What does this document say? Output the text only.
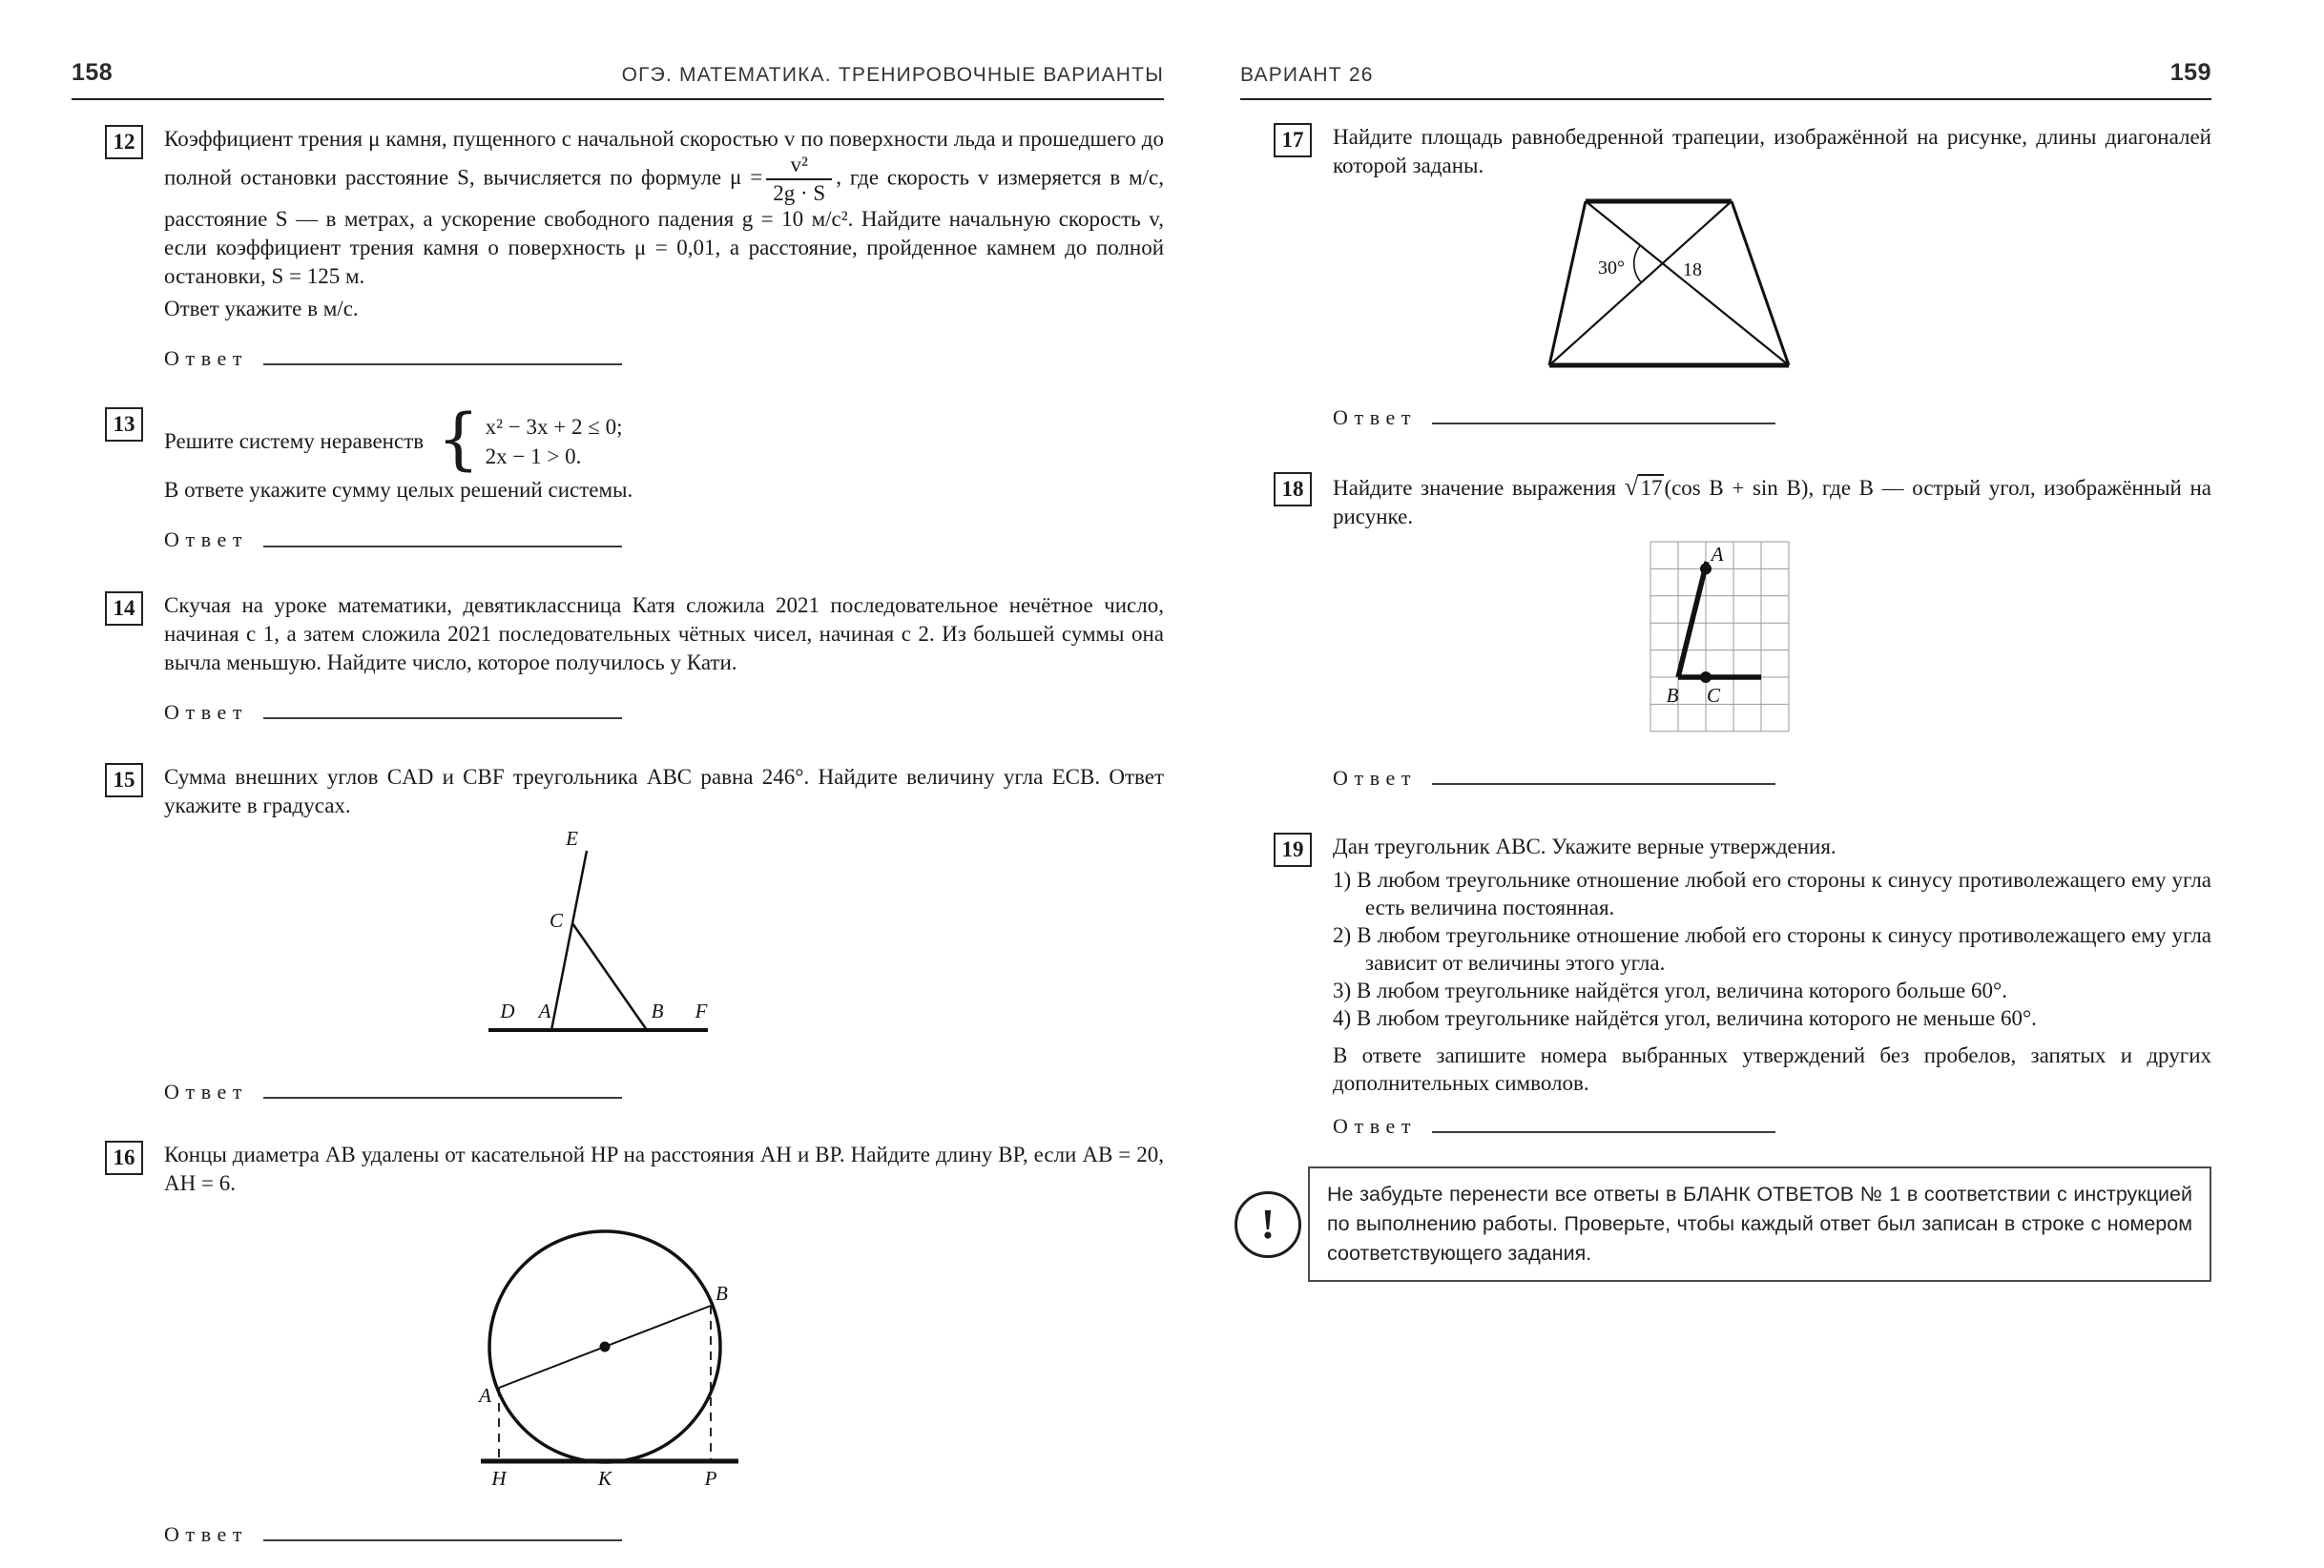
158	ОГЭ. МАТЕМАТИКА. ТРЕНИРОВОЧНЫЕ ВАРИАНТЫ
12	Коэффициент трения μ камня, пущенного с начальной скоростью v по поверхности льда и прошедшего до полной остановки расстояние S, вычисляется по формуле $\mu = \frac{\text{v²}}{2g \cdot S}$ , где скорость v измеряется в м/с, расстояние S — в метрах, а ускорение свободного падения g = 10 м/с². Найдите начальную скорость v, если коэффициент трения камня о поверхность μ = 0,01, а расстояние, пройденное камнем до полной остановки, S = 125 м.

Ответ укажите в м/с.

Ответ
13
Решите систему неравенств { x² − 3x + 2 ≤ 0;
2x − 1 > 0.

В ответе укажите сумму целых решений системы.

Ответ
14	Скучая на уроке математики, девятиклассница Катя сложила 2021 последовательное нечётное число, начиная с 1, а затем сложила 2021 последовательных чётных чисел, начиная с 2. Из большей суммы она вычла меньшую. Найдите число, которое получилось у Кати.

Ответ
15	Сумма внешних углов CAD и CBF треугольника ABC равна 246°. Найдите величину угла ECB. Ответ укажите в градусах.

E
C
D A	B F
Ответ
16	Концы диаметра AB удалены от касательной HP на расстояния AH и BP. Найдите длину BP, если AB = 20, AH = 6.

A
B
H	K	P
Ответ
ВАРИАНТ 26	159
17	Найдите площадь равнобедренной трапеции, изображённой на рисунке, длины диагоналей которой заданы.

30°	18
Ответ
18	Найдите значение выражения √17(cos B + sin B), где B — острый угол, изображённый на рисунке.

A
B C
Ответ
19	Дан треугольник ABC. Укажите верные утверждения.

1) В любом треугольнике отношение любой его стороны к синусу противолежащего ему угла есть величина постоянная.
2) В любом треугольнике отношение любой его стороны к синусу противолежащего ему угла зависит от величины этого угла.
3) В любом треугольнике найдётся угол, величина которого больше 60°.
4) В любом треугольнике найдётся угол, величина которого не меньше 60°.

В ответе запишите номера выбранных утверждений без пробелов, запятых и других дополнительных символов.

Ответ
!

Не забудьте перенести все ответы в БЛАНК ОТВЕТОВ № 1 в соответствии с инструкцией по выполнению работы. Проверьте, чтобы каждый ответ был записан в строке с номером соответствующего задания.
